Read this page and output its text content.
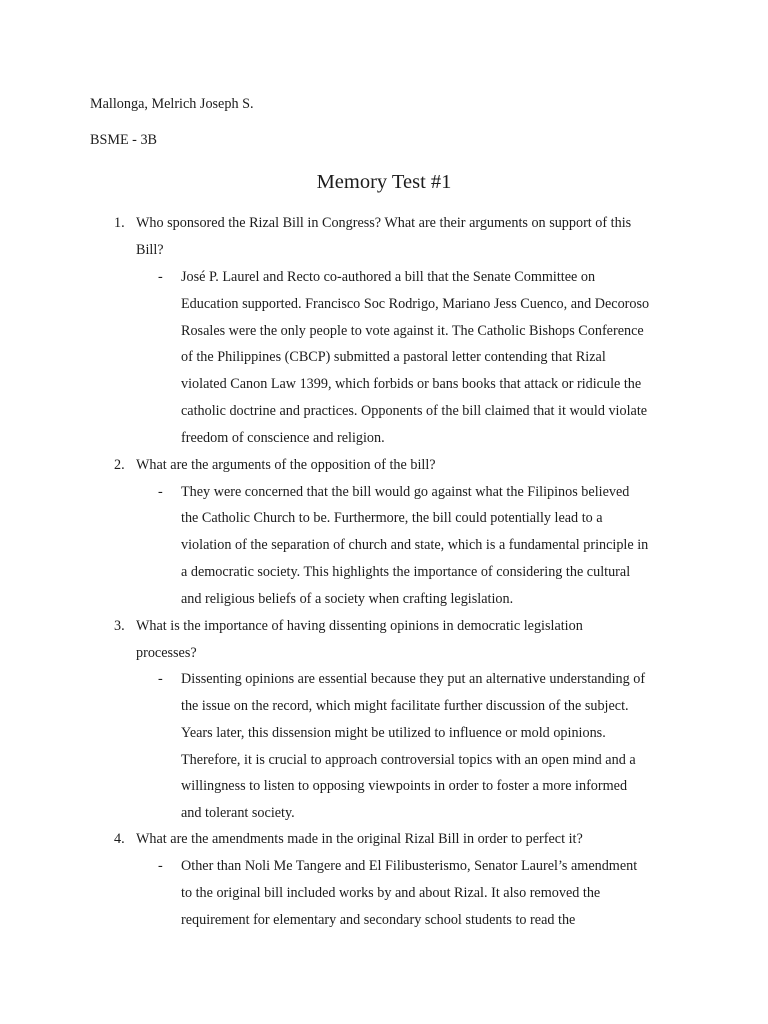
Mallonga, Melrich Joseph S.
BSME - 3B
Memory Test #1
1. Who sponsored the Rizal Bill in Congress? What are their arguments on support of this
Bill?
- José P. Laurel and Recto co-authored a bill that the Senate Committee on
Education supported. Francisco Soc Rodrigo, Mariano Jess Cuenco, and Decoroso
Rosales were the only people to vote against it. The Catholic Bishops Conference
of the Philippines (CBCP) submitted a pastoral letter contending that Rizal
violated Canon Law 1399, which forbids or bans books that attack or ridicule the
catholic doctrine and practices. Opponents of the bill claimed that it would violate
freedom of conscience and religion.
2. What are the arguments of the opposition of the bill?
- They were concerned that the bill would go against what the Filipinos believed
the Catholic Church to be. Furthermore, the bill could potentially lead to a
violation of the separation of church and state, which is a fundamental principle in
a democratic society. This highlights the importance of considering the cultural
and religious beliefs of a society when crafting legislation.
3. What is the importance of having dissenting opinions in democratic legislation
processes?
- Dissenting opinions are essential because they put an alternative understanding of
the issue on the record, which might facilitate further discussion of the subject.
Years later, this dissension might be utilized to influence or mold opinions.
Therefore, it is crucial to approach controversial topics with an open mind and a
willingness to listen to opposing viewpoints in order to foster a more informed
and tolerant society.
4. What are the amendments made in the original Rizal Bill in order to perfect it?
- Other than Noli Me Tangere and El Filibusterismo, Senator Laurel’s amendment
to the original bill included works by and about Rizal. It also removed the
requirement for elementary and secondary school students to read the
